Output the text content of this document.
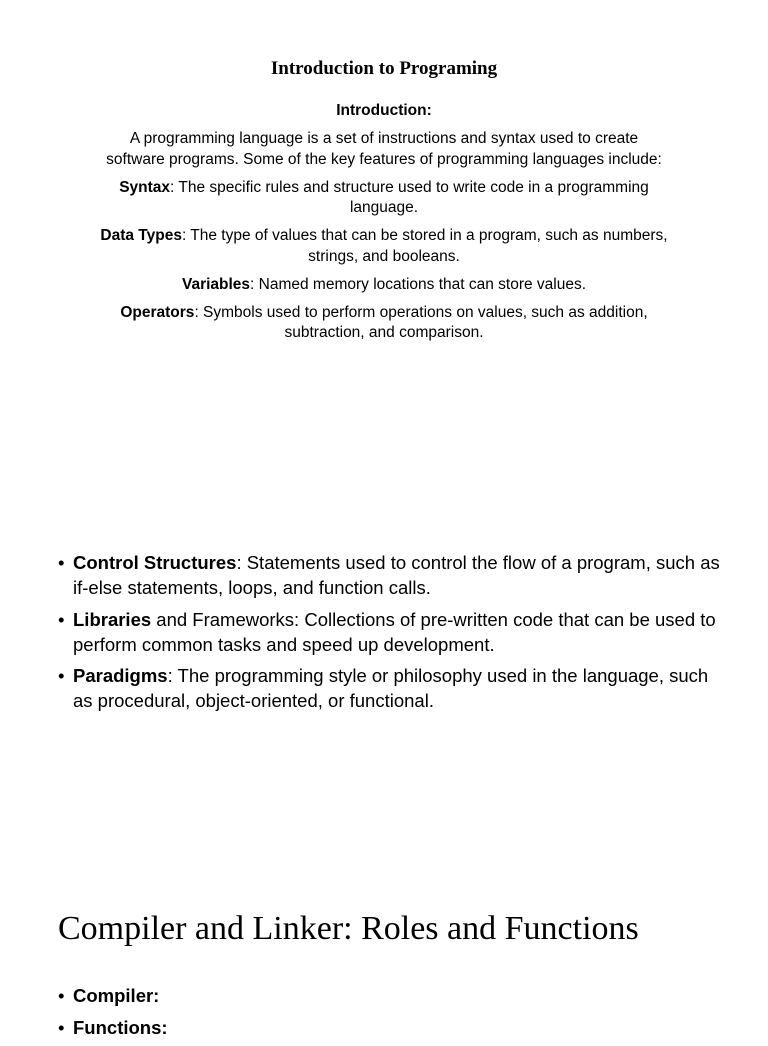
Introduction to Programing

Introduction:

A programming language is a set of instructions and syntax used to create software programs. Some of the key features of programming languages include:

Syntax: The specific rules and structure used to write code in a programming language.

Data Types: The type of values that can be stored in a program, such as numbers, strings, and booleans.

Variables: Named memory locations that can store values.

Operators: Symbols used to perform operations on values, such as addition, subtraction, and comparison.

• Control Structures: Statements used to control the flow of a program, such as if-else statements, loops, and function calls.
• Libraries and Frameworks: Collections of pre-written code that can be used to perform common tasks and speed up development.
• Paradigms: The programming style or philosophy used in the language, such as procedural, object-oriented, or functional.
Compiler and Linker: Roles and Functions
• Compiler:
• Functions:
